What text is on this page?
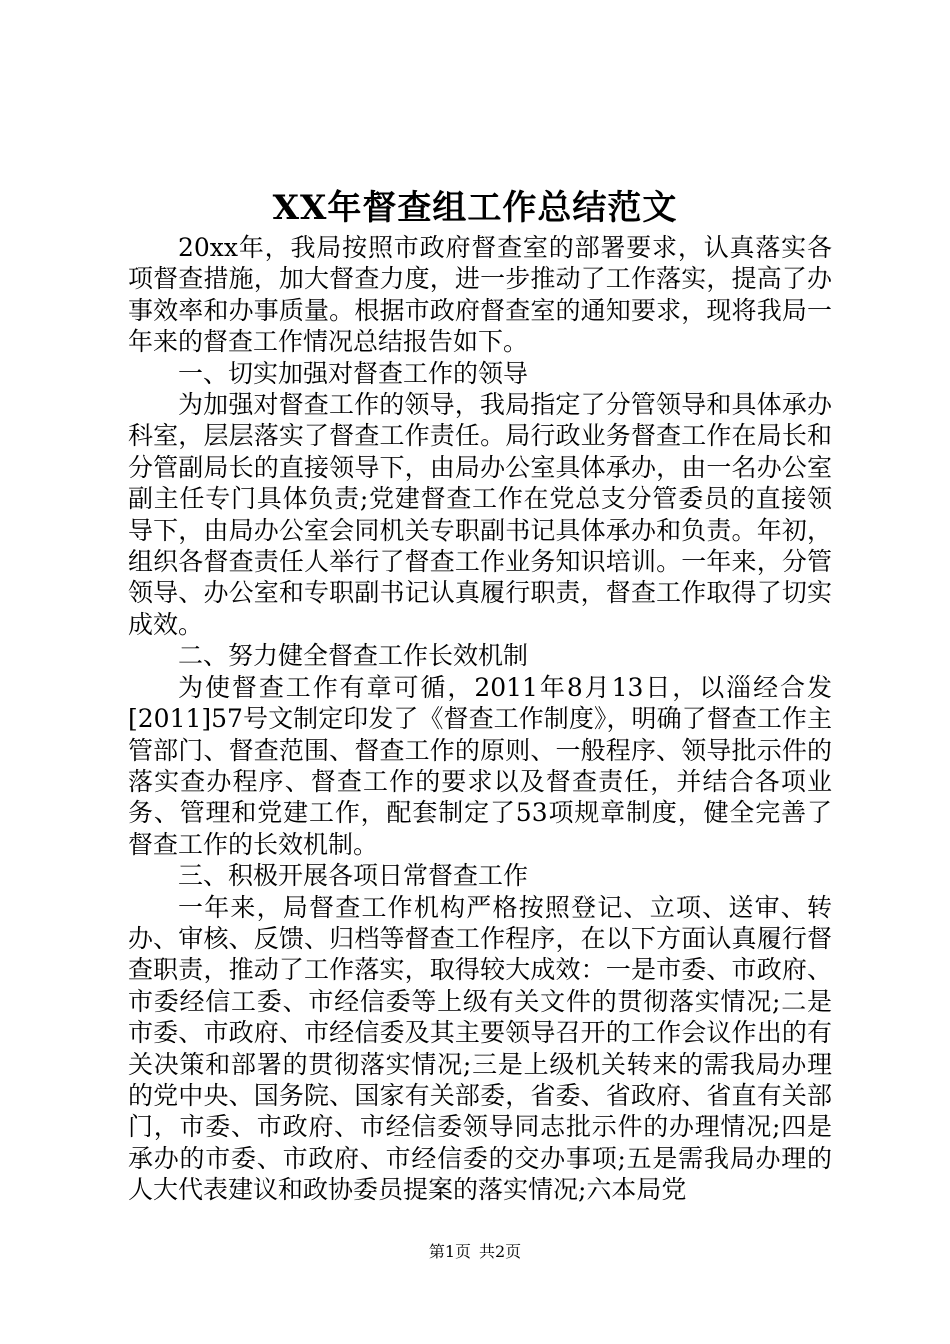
XX年督查组工作总结范文

20xx年，我局按照市政府督查室的部署要求，认真落实各项督查措施，加大督查力度，进一步推动了工作落实，提高了办事效率和办事质量。根据市政府督查室的通知要求，现将我局一年来的督查工作情况总结报告如下。

一、切实加强对督查工作的领导

为加强对督查工作的领导，我局指定了分管领导和具体承办科室，层层落实了督查工作责任。局行政业务督查工作在局长和分管副局长的直接领导下，由局办公室具体承办，由一名办公室副主任专门具体负责;党建督查工作在党总支分管委员的直接领导下，由局办公室会同机关专职副书记具体承办和负责。年初，组织各督查责任人举行了督查工作业务知识培训。一年来，分管领导、办公室和专职副书记认真履行职责，督查工作取得了切实成效。

二、努力健全督查工作长效机制

为使督查工作有章可循，2011年8月13日，以淄经合发[2011]57号文制定印发了《督查工作制度》，明确了督查工作主管部门、督查范围、督查工作的原则、一般程序、领导批示件的落实查办程序、督查工作的要求以及督查责任，并结合各项业务、管理和党建工作，配套制定了53项规章制度，健全完善了督查工作的长效机制。

三、积极开展各项日常督查工作

一年来，局督查工作机构严格按照登记、立项、送审、转办、审核、反馈、归档等督查工作程序，在以下方面认真履行督查职责，推动了工作落实，取得较大成效：一是市委、市政府、市委经信工委、市经信委等上级有关文件的贯彻落实情况;二是市委、市政府、市经信委及其主要领导召开的工作会议作出的有关决策和部署的贯彻落实情况;三是上级机关转来的需我局办理的党中央、国务院、国家有关部委，省委、省政府、省直有关部门，市委、市政府、市经信委领导同志批示件的办理情况;四是承办的市委、市政府、市经信委的交办事项;五是需我局办理的人大代表建议和政协委员提案的落实情况;六本局党

第1页 共2页
